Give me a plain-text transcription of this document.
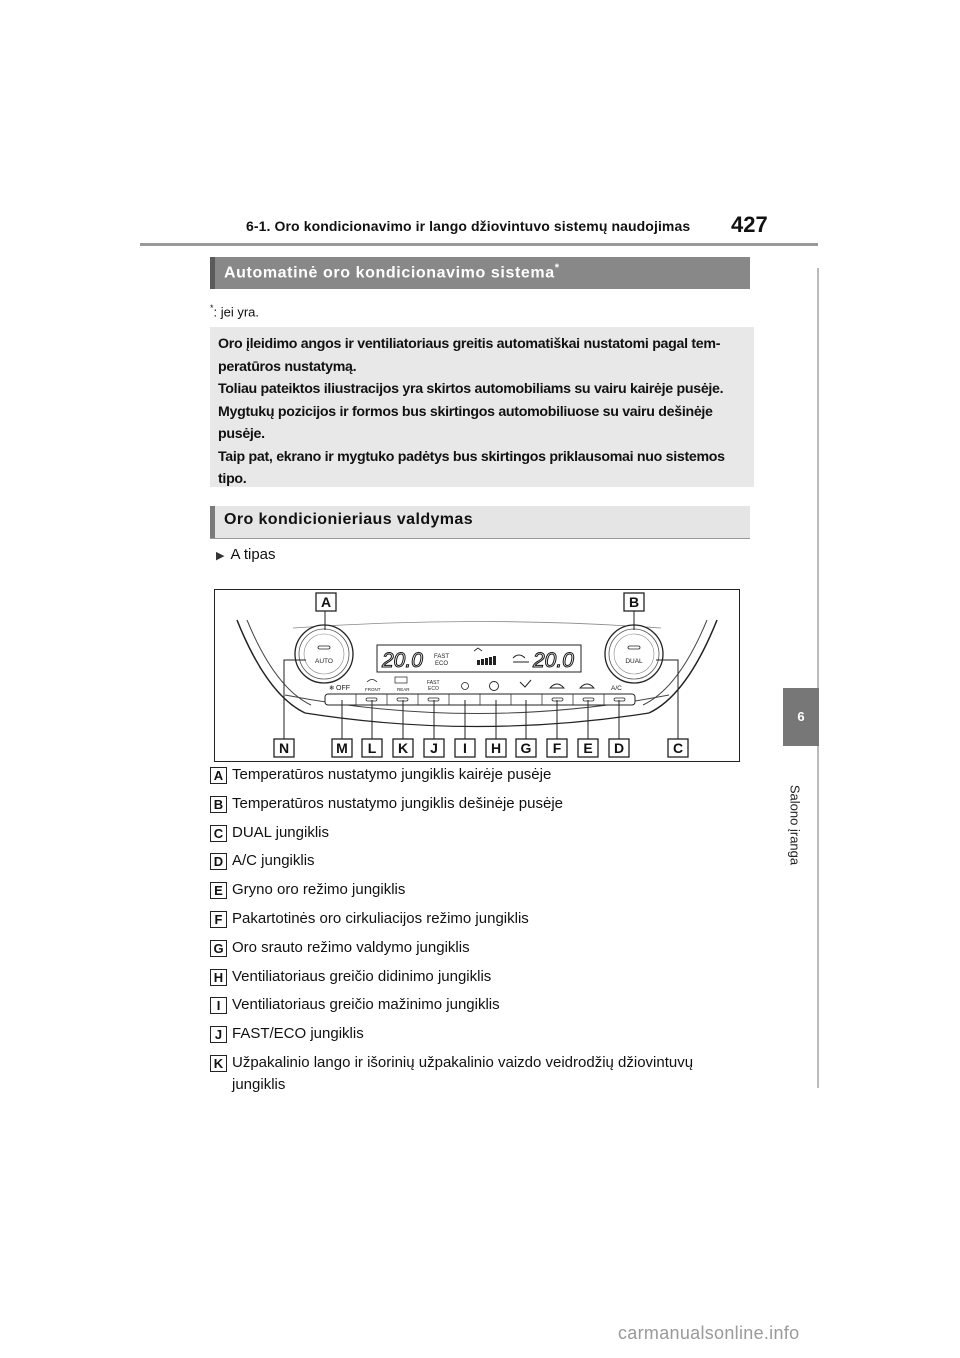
6-1. Oro kondicionavimo ir lango džiovintuvo sistemų naudojimas 427
6
Salono įranga
Automatinė oro kondicionavimo sistema*
*: jei yra.
Oro įleidimo angos ir ventiliatoriaus greitis automatiškai nustatomi pagal tem-
peratūros nustatymą.
Toliau pateiktos iliustracijos yra skirtos automobiliams su vairu kairėje pusėje.
Mygtukų pozicijos ir formos bus skirtingos automobiliuose su vairu dešinėje
pusėje.
Taip pat, ekrano ir mygtuko padėtys bus skirtingos priklausomai nuo sistemos
tipo.
Oro kondicionieriaus valdymas
▶ A tipas
AUTO	DUAL
20.0	20.0
FAST
ECO
❄ OFF	FRONT	REAR
FAST
ECO	A/C
A	B
N	M L K J I H G F E D	C
A Temperatūros nustatymo jungiklis kairėje pusėje
B Temperatūros nustatymo jungiklis dešinėje pusėje
C DUAL jungiklis
D A/C jungiklis
E Gryno oro režimo jungiklis
F Pakartotinės oro cirkuliacijos režimo jungiklis
G Oro srauto režimo valdymo jungiklis
H Ventiliatoriaus greičio didinimo jungiklis
I Ventiliatoriaus greičio mažinimo jungiklis
J FAST/ECO jungiklis
K Užpakalinio lango ir išorinių užpakalinio vaizdo veidrodžių džiovintuvų
jungiklis
carmanualsonline.info
